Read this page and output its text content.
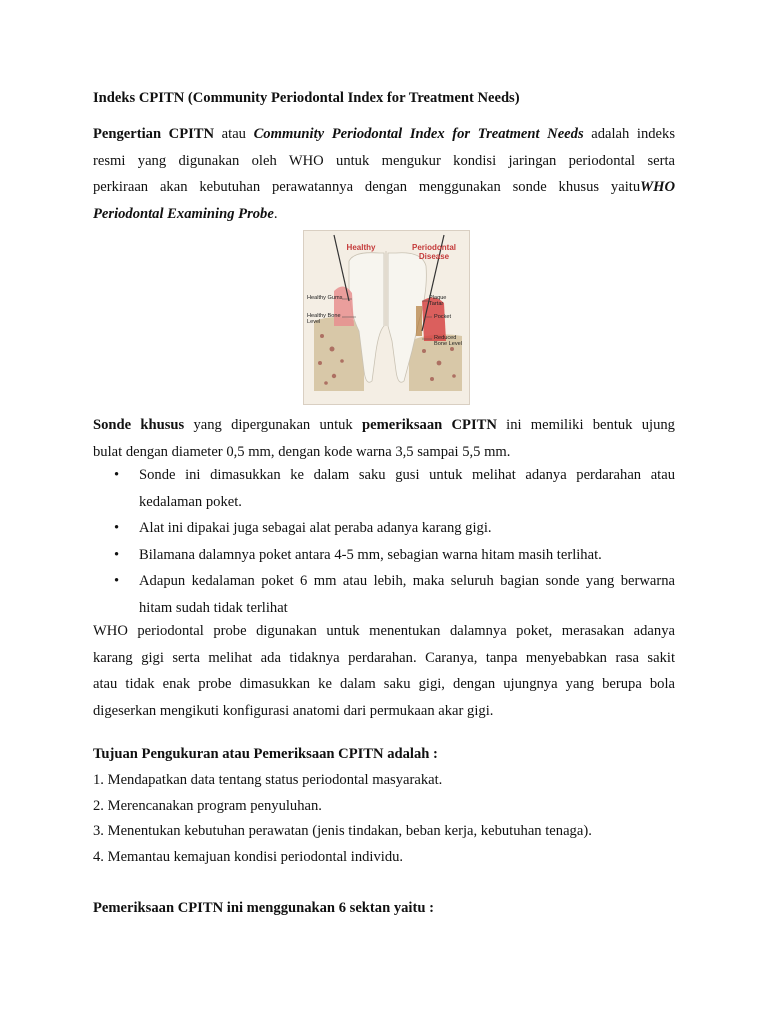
Indeks CPITN (Community Periodontal Index for Treatment Needs)
Pengertian CPITN atau Community Periodontal Index for Treatment Needs adalah indeks
resmi yang digunakan oleh WHO untuk mengukur kondisi jaringan periodontal serta
perkiraan akan kebutuhan perawatannya dengan menggunakan sonde khusus yaituWHO
Periodontal Examining Probe.
Healthy	Periodontal
Disease
Healthy Gums
Healthy Bone
Level
Plaque
Tartar
Pocket
Reduced
Bone Level
Sonde khusus yang dipergunakan untuk pemeriksaan CPITN ini memiliki bentuk ujung
bulat dengan diameter 0,5 mm, dengan kode warna 3,5 sampai 5,5 mm.
• Sonde ini dimasukkan ke dalam saku gusi untuk melihat adanya perdarahan atau
kedalaman poket.
• Alat ini dipakai juga sebagai alat peraba adanya karang gigi.
• Bilamana dalamnya poket antara 4-5 mm, sebagian warna hitam masih terlihat.
• Adapun kedalaman poket 6 mm atau lebih, maka seluruh bagian sonde yang berwarna
hitam sudah tidak terlihat
WHO periodontal probe digunakan untuk menentukan dalamnya poket, merasakan adanya
karang gigi serta melihat ada tidaknya perdarahan. Caranya, tanpa menyebabkan rasa sakit
atau tidak enak probe dimasukkan ke dalam saku gigi, dengan ujungnya yang berupa bola
digeserkan mengikuti konfigurasi anatomi dari permukaan akar gigi.
Tujuan Pengukuran atau Pemeriksaan CPITN adalah :
1. Mendapatkan data tentang status periodontal masyarakat.
2. Merencanakan program penyuluhan.
3. Menentukan kebutuhan perawatan (jenis tindakan, beban kerja, kebutuhan tenaga).
4. Memantau kemajuan kondisi periodontal individu.
Pemeriksaan CPITN ini menggunakan 6 sektan yaitu :
